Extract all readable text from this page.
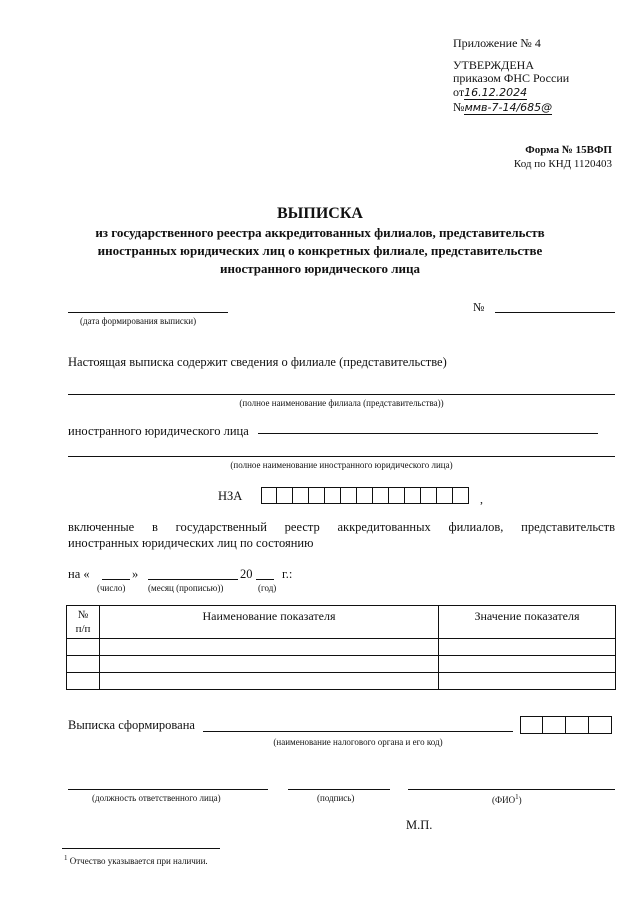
Приложение № 4
УТВЕРЖДЕНА
приказом ФНС России
от16.12.2024
№ммв-7-14/685@
Форма № 15ВФП
Код по КНД 1120403
ВЫПИСКА
из государственного реестра аккредитованных филиалов, представительств
иностранных юридических лиц о конкретных филиале, представительстве
иностранного юридического лица
(дата формирования выписки)
№
Настоящая выписка содержит сведения о филиале (представительстве)
(полное наименование филиала (представительства))
иностранного юридического лица
(полное наименование иностранного юридического лица)
НЗА	,
включенные в государственный реестр аккредитованных филиалов, представительств
иностранных юридических лиц по состоянию
на «	»	20 г.:
(число)	(месяц (прописью))	(год)
№
п/п	Наименование показателя	Значение показателя

Выписка сформирована
(наименование налогового органа и его код)
(должность ответственного лица)	(подпись)	(ФИО$^1$)
М.П.
$^1$ Отчество указывается при наличии.
